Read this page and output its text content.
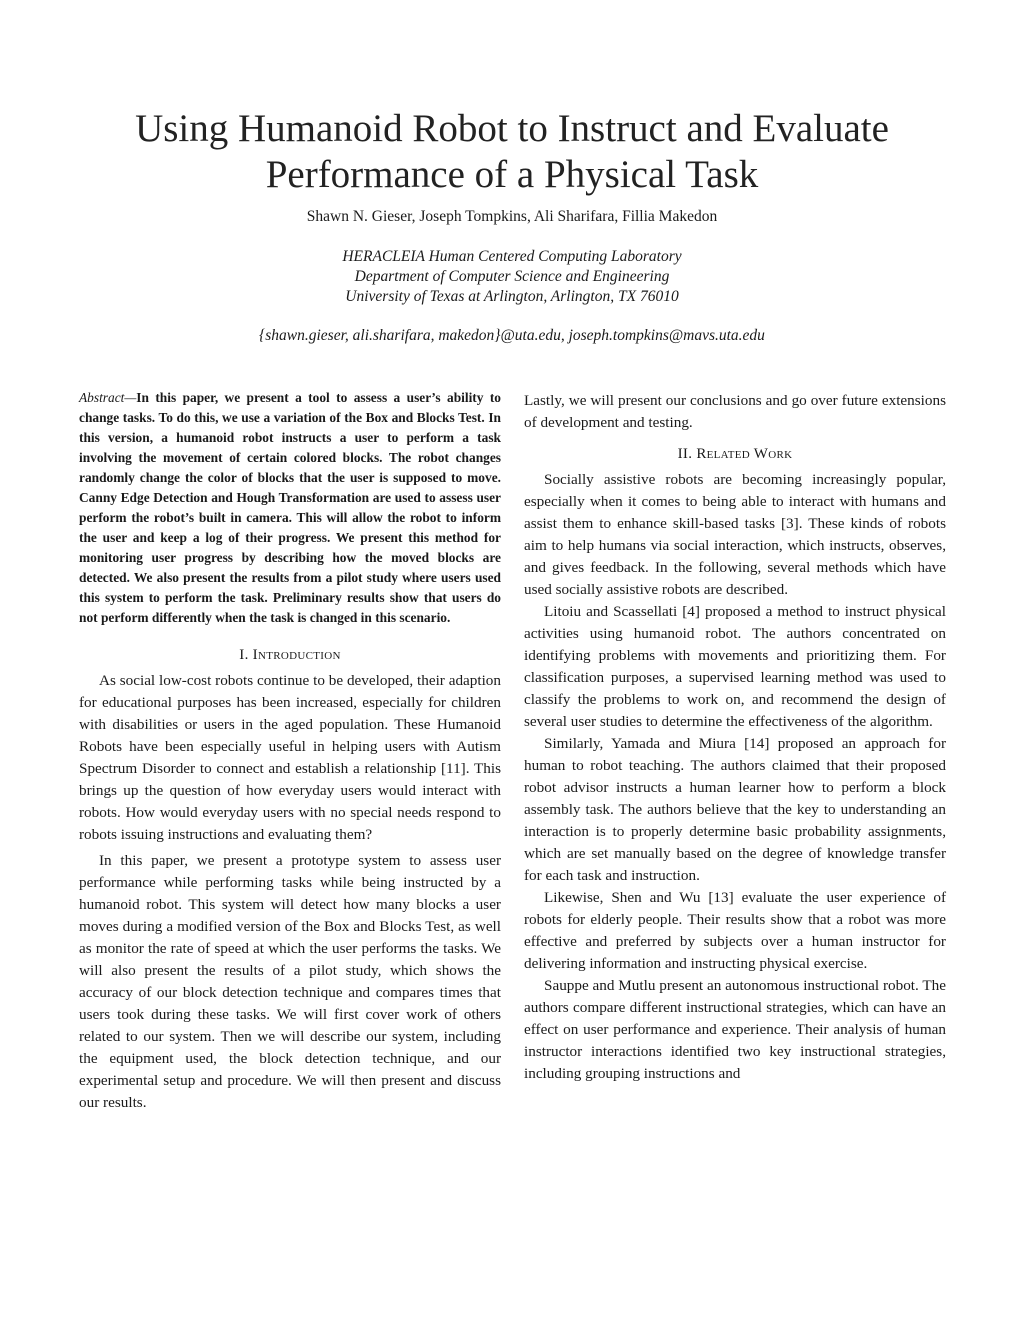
Using Humanoid Robot to Instruct and Evaluate
Performance of a Physical Task
Shawn N. Gieser, Joseph Tompkins, Ali Sharifara, Fillia Makedon
HERACLEIA Human Centered Computing Laboratory
Department of Computer Science and Engineering
University of Texas at Arlington, Arlington, TX 76010
{shawn.gieser, ali.sharifara, makedon}@uta.edu, joseph.tompkins@mavs.uta.edu

Abstract—In this paper, we present a tool to assess a user’s ability to change tasks. To do this, we use a variation of the Box and Blocks Test. In this version, a humanoid robot instructs a user to perform a task involving the movement of certain colored blocks. The robot changes randomly change the color of blocks that the user is supposed to move. Canny Edge Detection and Hough Transformation are used to assess user perform the robot’s built in camera. This will allow the robot to inform the user and keep a log of their progress. We present this method for monitoring user progress by describing how the moved blocks are detected. We also present the results from a pilot study where users used this system to perform the task. Preliminary results show that users do not perform differently when the task is changed in this scenario.

I. Introduction

As social low-cost robots continue to be developed, their adaption for educational purposes has been increased, especially for children with disabilities or users in the aged population. These Humanoid Robots have been especially useful in helping users with Autism Spectrum Disorder to connect and establish a relationship [11]. This brings up the question of how everyday users would interact with robots. How would everyday users with no special needs respond to robots issuing instructions and evaluating them?

In this paper, we present a prototype system to assess user performance while performing tasks while being instructed by a humanoid robot. This system will detect how many blocks a user moves during a modified version of the Box and Blocks Test, as well as monitor the rate of speed at which the user performs the tasks. We will also present the results of a pilot study, which shows the accuracy of our block detection technique and compares times that users took during these tasks. We will first cover work of others related to our system. Then we will describe our system, including the equipment used, the block detection technique, and our experimental setup and procedure. We will then present and discuss our results.

Lastly, we will present our conclusions and go over future extensions of development and testing.

II. Related Work

Socially assistive robots are becoming increasingly popular, especially when it comes to being able to interact with humans and assist them to enhance skill-based tasks [3]. These kinds of robots aim to help humans via social interaction, which instructs, observes, and gives feedback. In the following, several methods which have used socially assistive robots are described.

Litoiu and Scassellati [4] proposed a method to instruct physical activities using humanoid robot. The authors concentrated on identifying problems with movements and prioritizing them. For classification purposes, a supervised learning method was used to classify the problems to work on, and recommend the design of several user studies to determine the effectiveness of the algorithm.

Similarly, Yamada and Miura [14] proposed an approach for human to robot teaching. The authors claimed that their proposed robot advisor instructs a human learner how to perform a block assembly task. The authors believe that the key to understanding an interaction is to properly determine basic probability assignments, which are set manually based on the degree of knowledge transfer for each task and instruction.

Likewise, Shen and Wu [13] evaluate the user experience of robots for elderly people. Their results show that a robot was more effective and preferred by subjects over a human instructor for delivering information and instructing physical exercise.

Sauppe and Mutlu present an autonomous instructional robot. The authors compare different instructional strategies, which can have an effect on user performance and experience. Their analysis of human instructor interactions identified two key instructional strategies, including grouping instructions and
